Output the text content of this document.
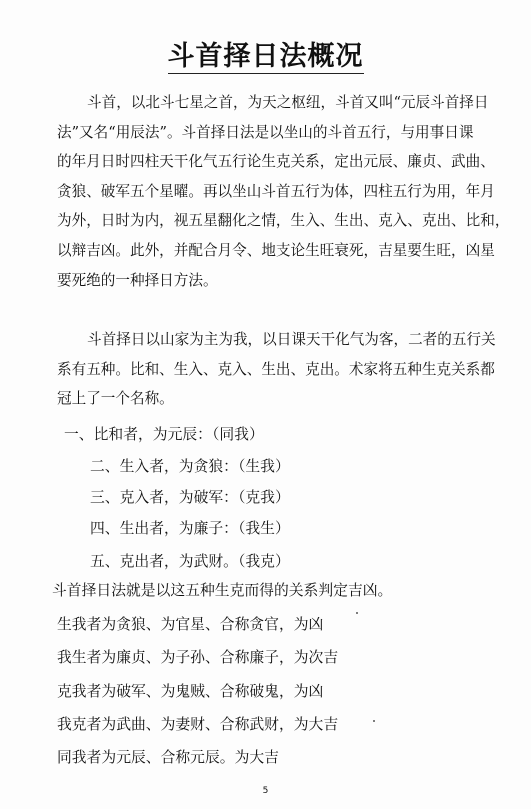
斗首择日法概况
斗首，以北斗七星之首，为天之枢纽，斗首又叫“元辰斗首择日
法”又名“用辰法”。斗首择日法是以坐山的斗首五行，与用事日课
的年月日时四柱天干化气五行论生克关系，定出元辰、廉贞、武曲、
贪狼、破军五个星曜。再以坐山斗首五行为体，四柱五行为用，年月
为外，日时为内，视五星翻化之情，生入、生出、克入、克出、比和，
以辩吉凶。此外，并配合月令、地支论生旺衰死，吉星要生旺，凶星
要死绝的一种择日方法。
斗首择日以山家为主为我，以日课天干化气为客，二者的五行关
系有五种。比和、生入、克入、生出、克出。术家将五种生克关系都
冠上了一个名称。
一、比和者，为元辰：（同我）
二、生入者，为贪狼：（生我）
三、克入者，为破军：（克我）
四、生出者，为廉子：（我生）
五、克出者，为武财。（我克）
斗首择日法就是以这五种生克而得的关系判定吉凶。
生我者为贪狼、为官星、合称贪官，为凶
我生者为廉贞、为子孙、合称廉子，为次吉
克我者为破军、为鬼贼、合称破鬼，为凶
我克者为武曲、为妻财、合称武财，为大吉
同我者为元辰、合称元辰。为大吉
5
